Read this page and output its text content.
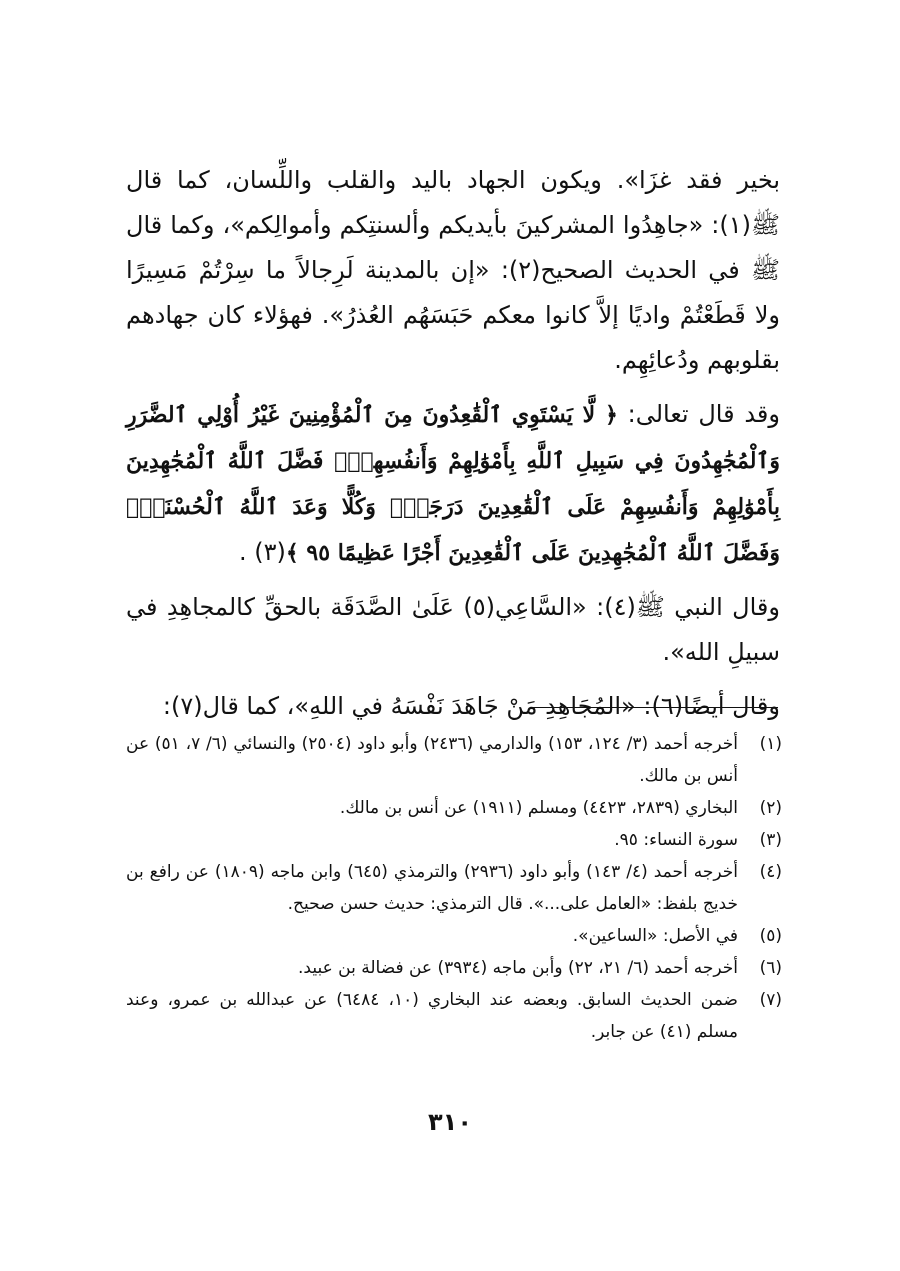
بخير فقد غزَا». ويكون الجهاد باليد والقلب واللِّسان، كما قال ﷺ(١): «جاهِدُوا المشركينَ بأيديكم وألسنتِكم وأموالِكم»، وكما قال ﷺ في الحديث الصحيح(٢): «إن بالمدينة لَرِجالاً ما سِرْتُمْ مَسِيرًا ولا قَطَعْتُمْ واديًا إلاَّ كانوا معكم حَبَسَهُم العُذرُ». فهؤلاء كان جهادهم بقلوبهم ودُعائِهِم.

وقد قال تعالى: ﴿ لَّا يَسْتَوِي ٱلْقَٰعِدُونَ مِنَ ٱلْمُؤْمِنِينَ غَيْرُ أُوْلِي ٱلضَّرَرِ وَٱلْمُجَٰهِدُونَ فِي سَبِيلِ ٱللَّهِ بِأَمْوَٰلِهِمْ وَأَنفُسِهِمْۚ فَضَّلَ ٱللَّهُ ٱلْمُجَٰهِدِينَ بِأَمْوَٰلِهِمْ وَأَنفُسِهِمْ عَلَى ٱلْقَٰعِدِينَ دَرَجَةًۚ وَكُلًّا وَعَدَ ٱللَّهُ ٱلْحُسْنَىٰۚ وَفَضَّلَ ٱللَّهُ ٱلْمُجَٰهِدِينَ عَلَى ٱلْقَٰعِدِينَ أَجْرًا عَظِيمًا ٩٥ ﴾(٣) .

وقال النبي ﷺ(٤): «السَّاعِي(٥) عَلَىٰ الصَّدَقَة بالحقِّ كالمجاهِدِ في سبيلِ الله».

وقال أيضًا(٦): «المُجَاهِدِ مَنْ جَاهَدَ نَفْسَهُ في اللهِ»، كما قال(٧):

(١)
أخرجه أحمد (٣/ ١٢٤، ١٥٣) والدارمي (٢٤٣٦) وأبو داود (٢٥٠٤) والنسائي (٦/ ٧، ٥١) عن أنس بن مالك.
(٢)
البخاري (٢٨٣٩، ٤٤٢٣) ومسلم (١٩١١) عن أنس بن مالك.
(٣)
سورة النساء: ٩٥.
(٤)
أخرجه أحمد (٤/ ١٤٣) وأبو داود (٢٩٣٦) والترمذي (٦٤٥) وابن ماجه (١٨٠٩) عن رافع بن خديج بلفظ: «العامل على...». قال الترمذي: حديث حسن صحيح.
(٥)
في الأصل: «الساعين».
(٦)
أخرجه أحمد (٦/ ٢١، ٢٢) وأبن ماجه (٣٩٣٤) عن فضالة بن عبيد.
(٧)
ضمن الحديث السابق. وبعضه عند البخاري (١٠، ٦٤٨٤) عن عبدالله بن عمرو، وعند مسلم (٤١) عن جابر.
٣١٠
